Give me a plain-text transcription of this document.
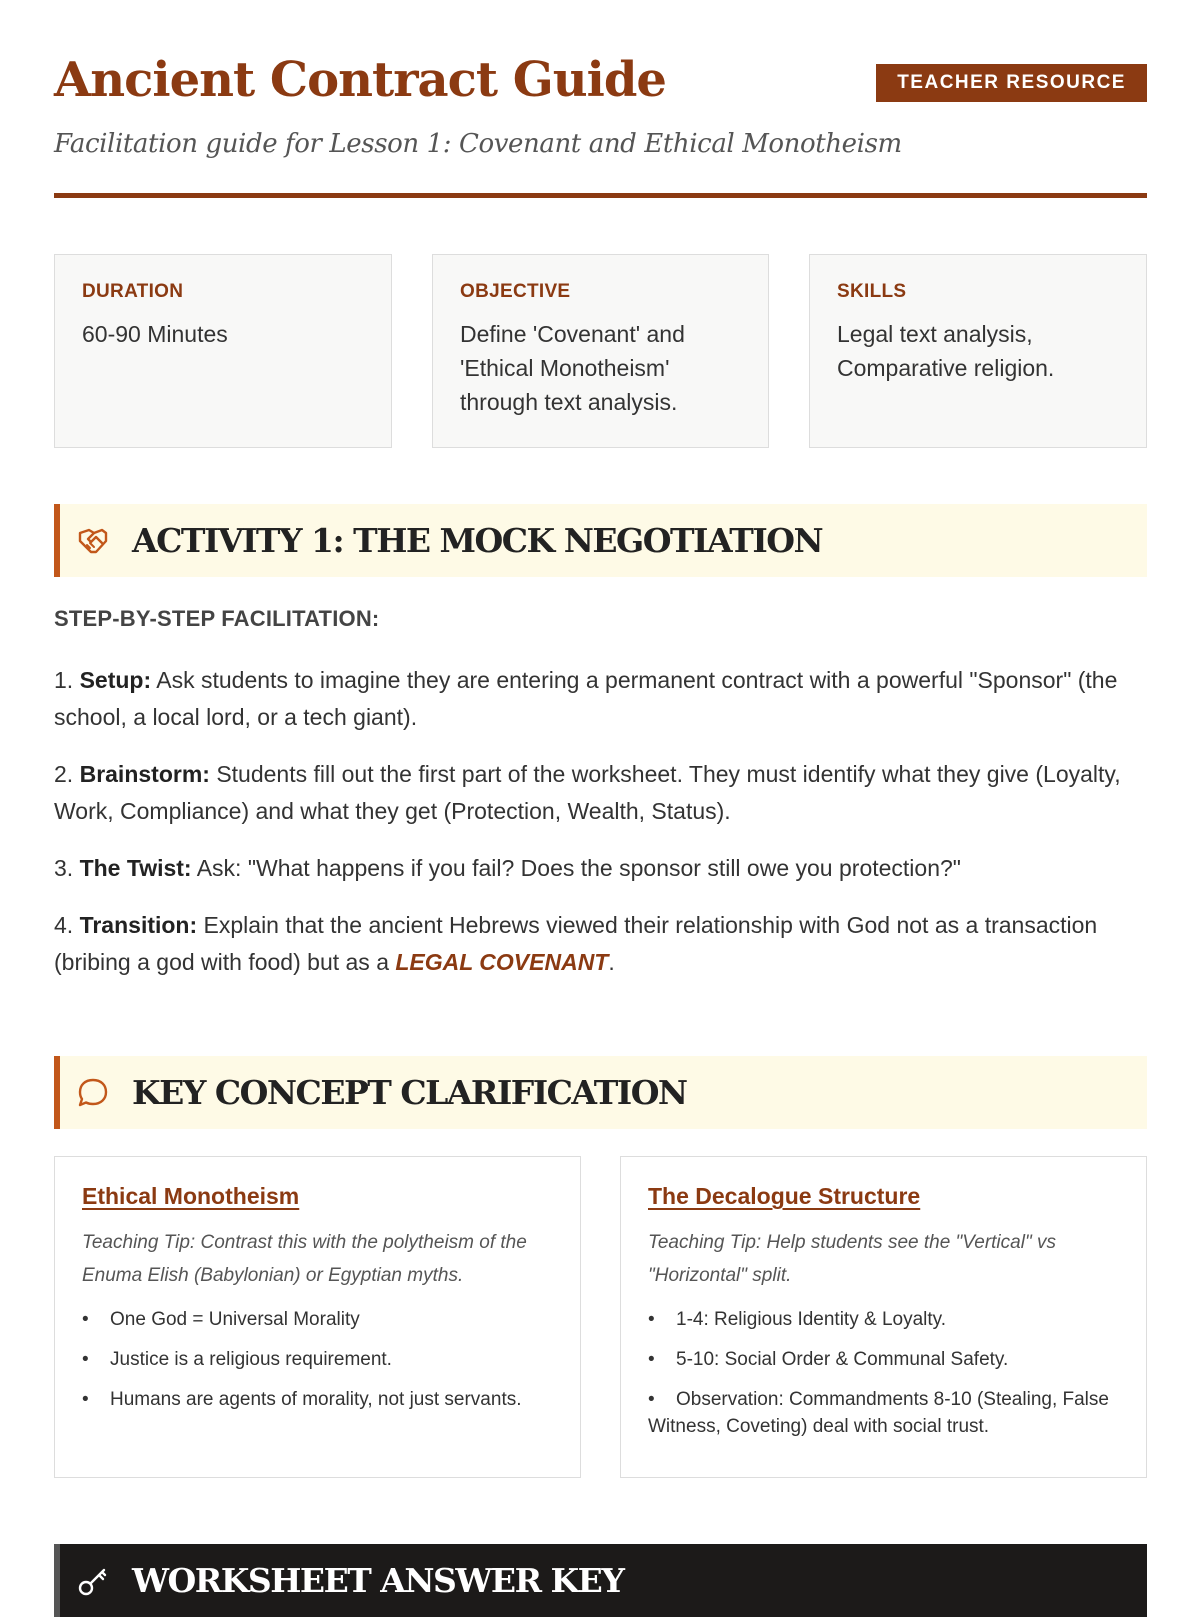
Ancient Contract Guide	TEACHER RESOURCE

Facilitation guide for Lesson 1: Covenant and Ethical Monotheism

DURATION
60-90 Minutes
OBJECTIVE
Define 'Covenant' and 'Ethical Monotheism' through text analysis.
SKILLS
Legal text analysis, Comparative religion.
ACTIVITY 1: THE MOCK NEGOTIATION
STEP-BY-STEP FACILITATION:

1. Setup: Ask students to imagine they are entering a permanent contract with a powerful "Sponsor" (the school, a local lord, or a tech giant).

2. Brainstorm: Students fill out the first part of the worksheet. They must identify what they give (Loyalty, Work, Compliance) and what they get (Protection, Wealth, Status).

3. The Twist: Ask: "What happens if you fail? Does the sponsor still owe you protection?"

4. Transition: Explain that the ancient Hebrews viewed their relationship with God not as a transaction (bribing a god with food) but as a LEGAL COVENANT.

KEY CONCEPT CLARIFICATION
Ethical Monotheism
Teaching Tip: Contrast this with the polytheism of the Enuma Elish (Babylonian) or Egyptian myths.
• One God = Universal Morality
• Justice is a religious requirement.
• Humans are agents of morality, not just servants.
The Decalogue Structure
Teaching Tip: Help students see the "Vertical" vs "Horizontal" split.
• 1-4: Religious Identity & Loyalty.
• 5-10: Social Order & Communal Safety.
• Observation: Commandments 8-10 (Stealing, False Witness, Coveting) deal with social trust.
WORKSHEET ANSWER KEY
